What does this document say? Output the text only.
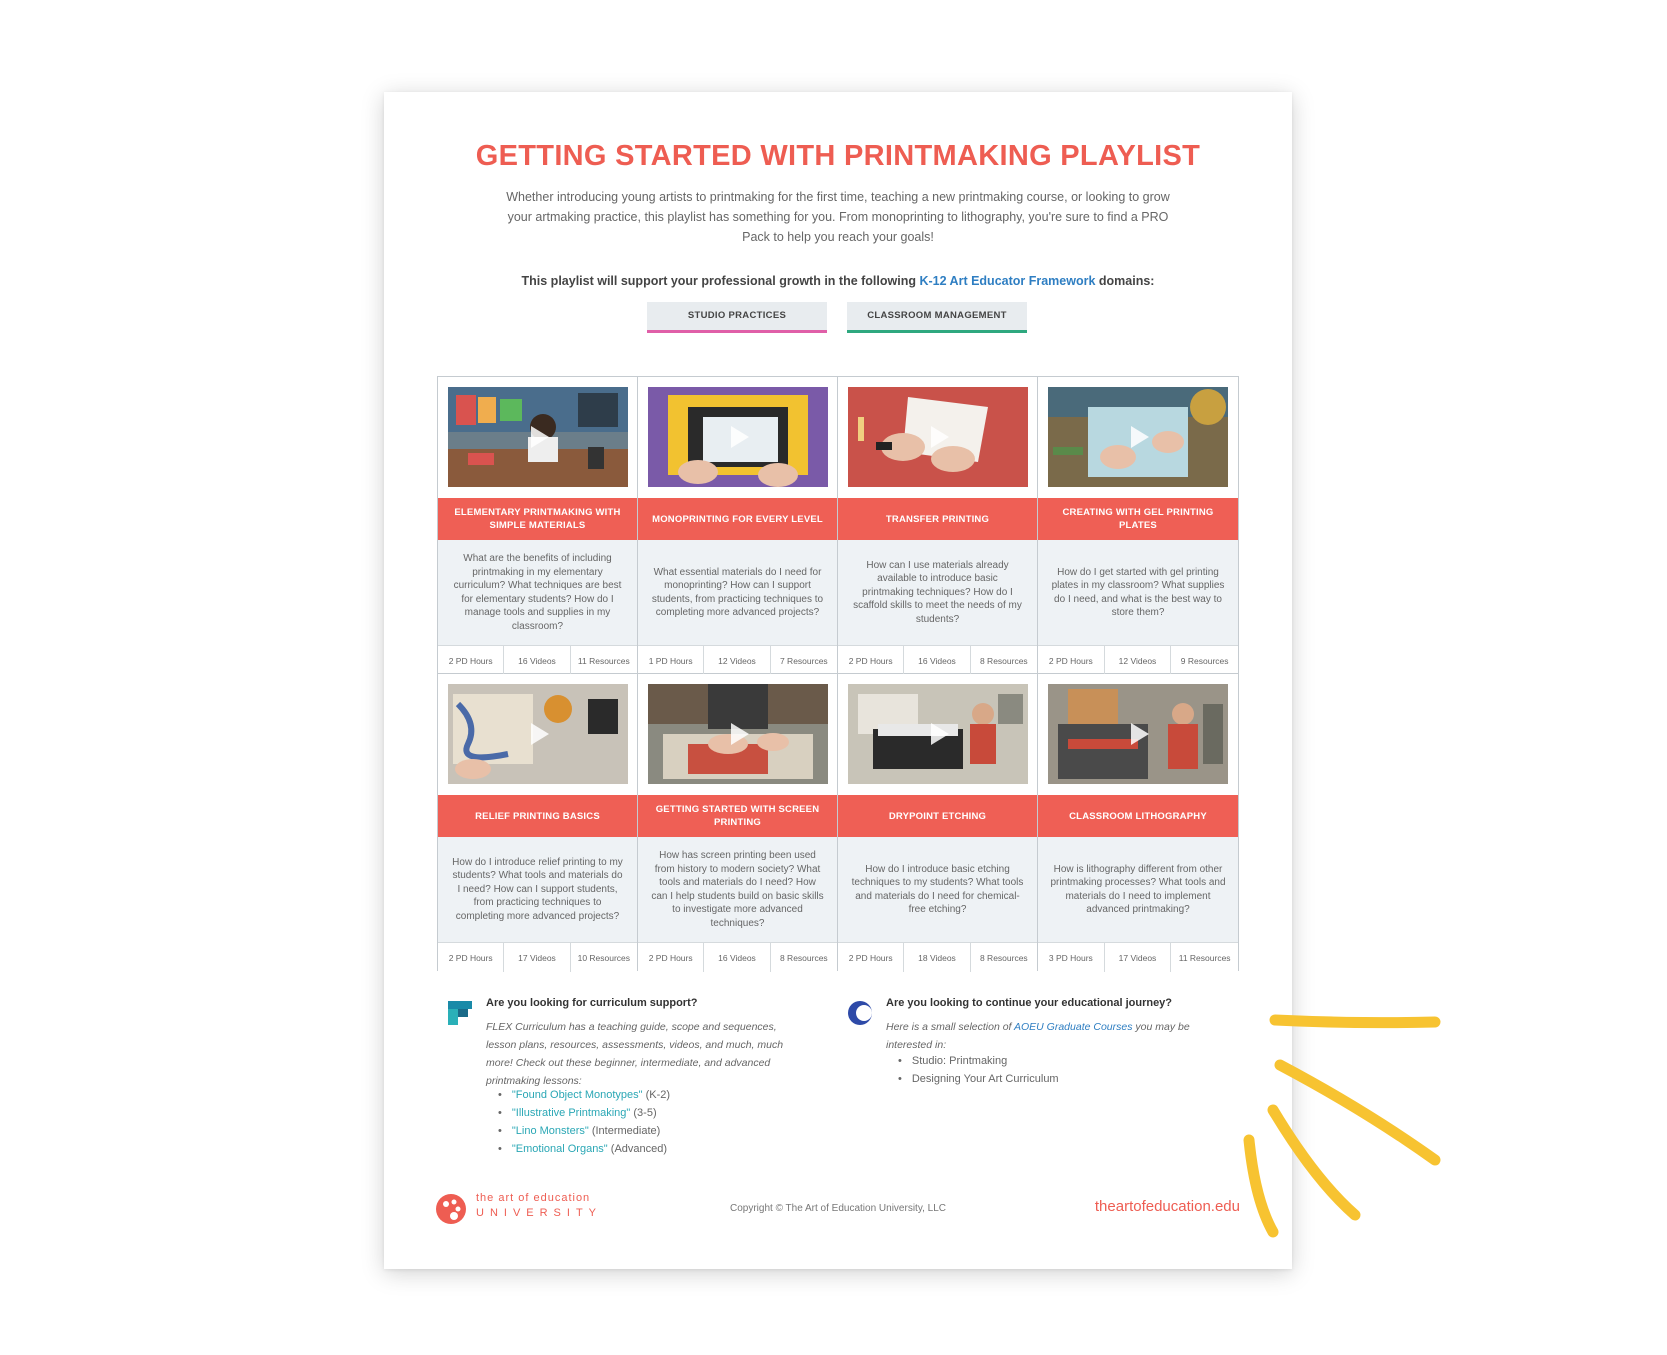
GETTING STARTED WITH PRINTMAKING PLAYLIST

Whether introducing young artists to printmaking for the first time, teaching a new printmaking course, or looking to grow your artmaking practice, this playlist has something for you. From monoprinting to lithography, you're sure to find a PRO Pack to help you reach your goals!

This playlist will support your professional growth in the following K-12 Art Educator Framework domains:
STUDIO PRACTICES	CLASSROOM MANAGEMENT
ELEMENTARY PRINTMAKING WITH SIMPLE MATERIALS
What are the benefits of including printmaking in my elementary curriculum? What techniques are best for elementary students? How do I manage tools and supplies in my classroom?
2 PD Hours	16 Videos	11 Resources
MONOPRINTING FOR EVERY LEVEL
What essential materials do I need for monoprinting? How can I support students, from practicing techniques to completing more advanced projects?
1 PD Hours	12 Videos	7 Resources
TRANSFER PRINTING
How can I use materials already available to introduce basic printmaking techniques? How do I scaffold skills to meet the needs of my students?
2 PD Hours	16 Videos	8 Resources
CREATING WITH GEL PRINTING PLATES
How do I get started with gel printing plates in my classroom? What supplies do I need, and what is the best way to store them?
2 PD Hours	12 Videos	9 Resources
RELIEF PRINTING BASICS
How do I introduce relief printing to my students? What tools and materials do I need? How can I support students, from practicing techniques to completing more advanced projects?
2 PD Hours	17 Videos	10 Resources
GETTING STARTED WITH SCREEN PRINTING
How has screen printing been used from history to modern society? What tools and materials do I need? How can I help students build on basic skills to investigate more advanced techniques?
2 PD Hours	16 Videos	8 Resources
DRYPOINT ETCHING
How do I introduce basic etching techniques to my students? What tools and materials do I need for chemical-free etching?
2 PD Hours	18 Videos	8 Resources
CLASSROOM LITHOGRAPHY
How is lithography different from other printmaking processes? What tools and materials do I need to implement advanced printmaking?
3 PD Hours	17 Videos	11 Resources
Are you looking for curriculum support?
FLEX Curriculum has a teaching guide, scope and sequences, lesson plans, resources, assessments, videos, and much, much more! Check out these beginner, intermediate, and advanced printmaking lessons:
• "Found Object Monotypes" (K-2)
• "Illustrative Printmaking" (3-5)
• "Lino Monsters" (Intermediate)
• "Emotional Organs" (Advanced)
Are you looking to continue your educational journey?
Here is a small selection of AOEU Graduate Courses you may be interested in:
• Studio: Printmaking
• Designing Your Art Curriculum
the art of education
UNIVERSITY	Copyright © The Art of Education University, LLC	theartofeducation.edu
